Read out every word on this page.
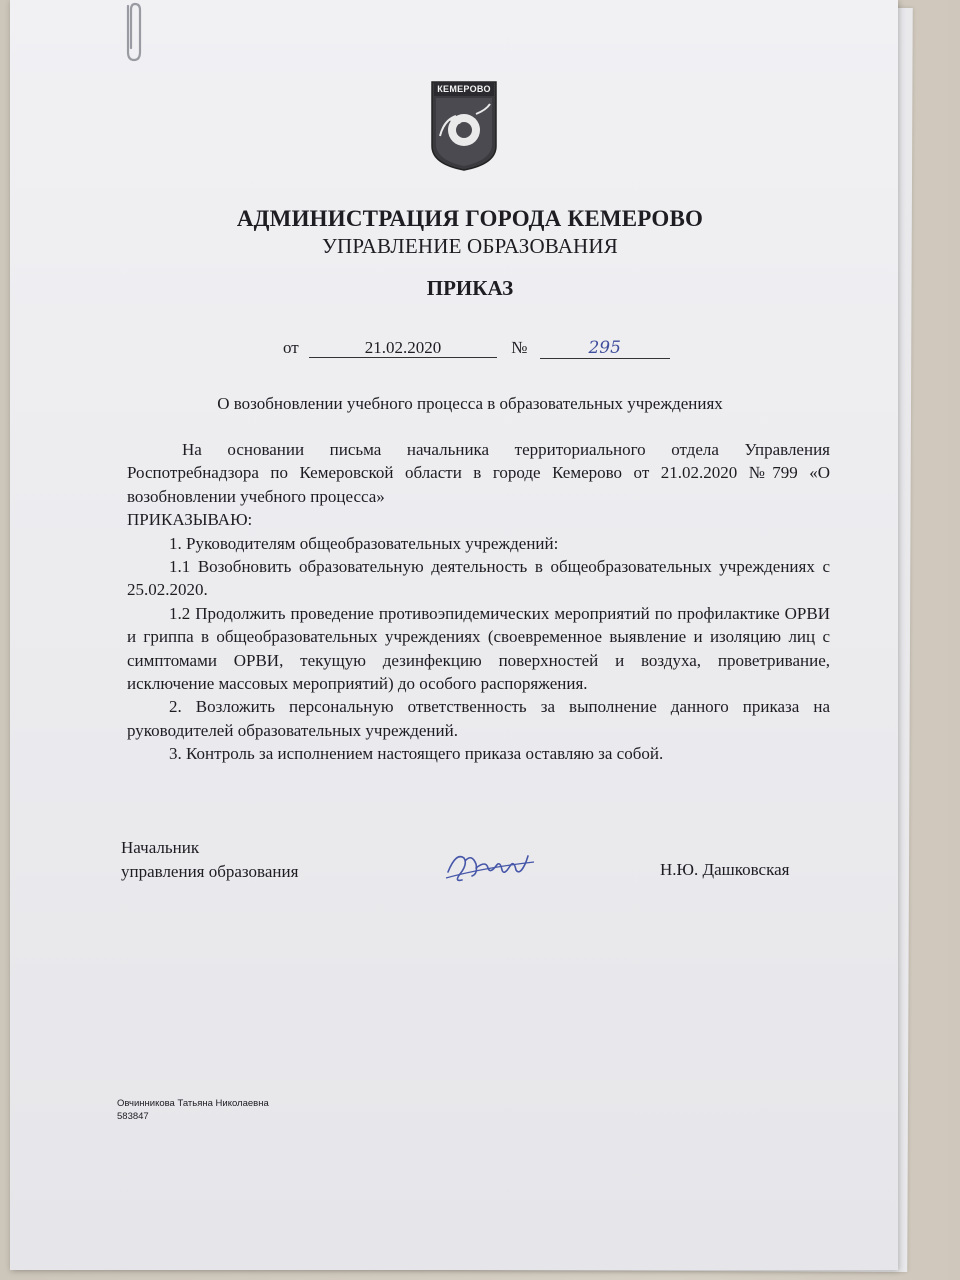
КЕМЕРОВО
АДМИНИСТРАЦИЯ ГОРОДА КЕМЕРОВО
УПРАВЛЕНИЕ ОБРАЗОВАНИЯ
ПРИКАЗ
от	21.02.2020	№	295
О возобновлении учебного процесса в образовательных учреждениях

На основании письма начальника территориального отдела Управления Роспотребнадзора по Кемеровской области в городе Кемерово от 21.02.2020 №799 «О возобновлении учебного процесса»

ПРИКАЗЫВАЮ:

1. Руководителям общеобразовательных учреждений:

1.1 Возобновить образовательную деятельность в общеобразовательных учреждениях с 25.02.2020.

1.2 Продолжить проведение противоэпидемических мероприятий по профилактике ОРВИ и гриппа в общеобразовательных учреждениях (своевременное выявление и изоляцию лиц с симптомами ОРВИ, текущую дезинфекцию поверхностей и воздуха, проветривание, исключение массовых мероприятий) до особого распоряжения.

2. Возложить персональную ответственность за выполнение данного приказа на руководителей образовательных учреждений.

3. Контроль за исполнением настоящего приказа оставляю за собой.

Начальник
управления образования	Н.Ю. Дашковская
Овчинникова Татьяна Николаевна
583847
